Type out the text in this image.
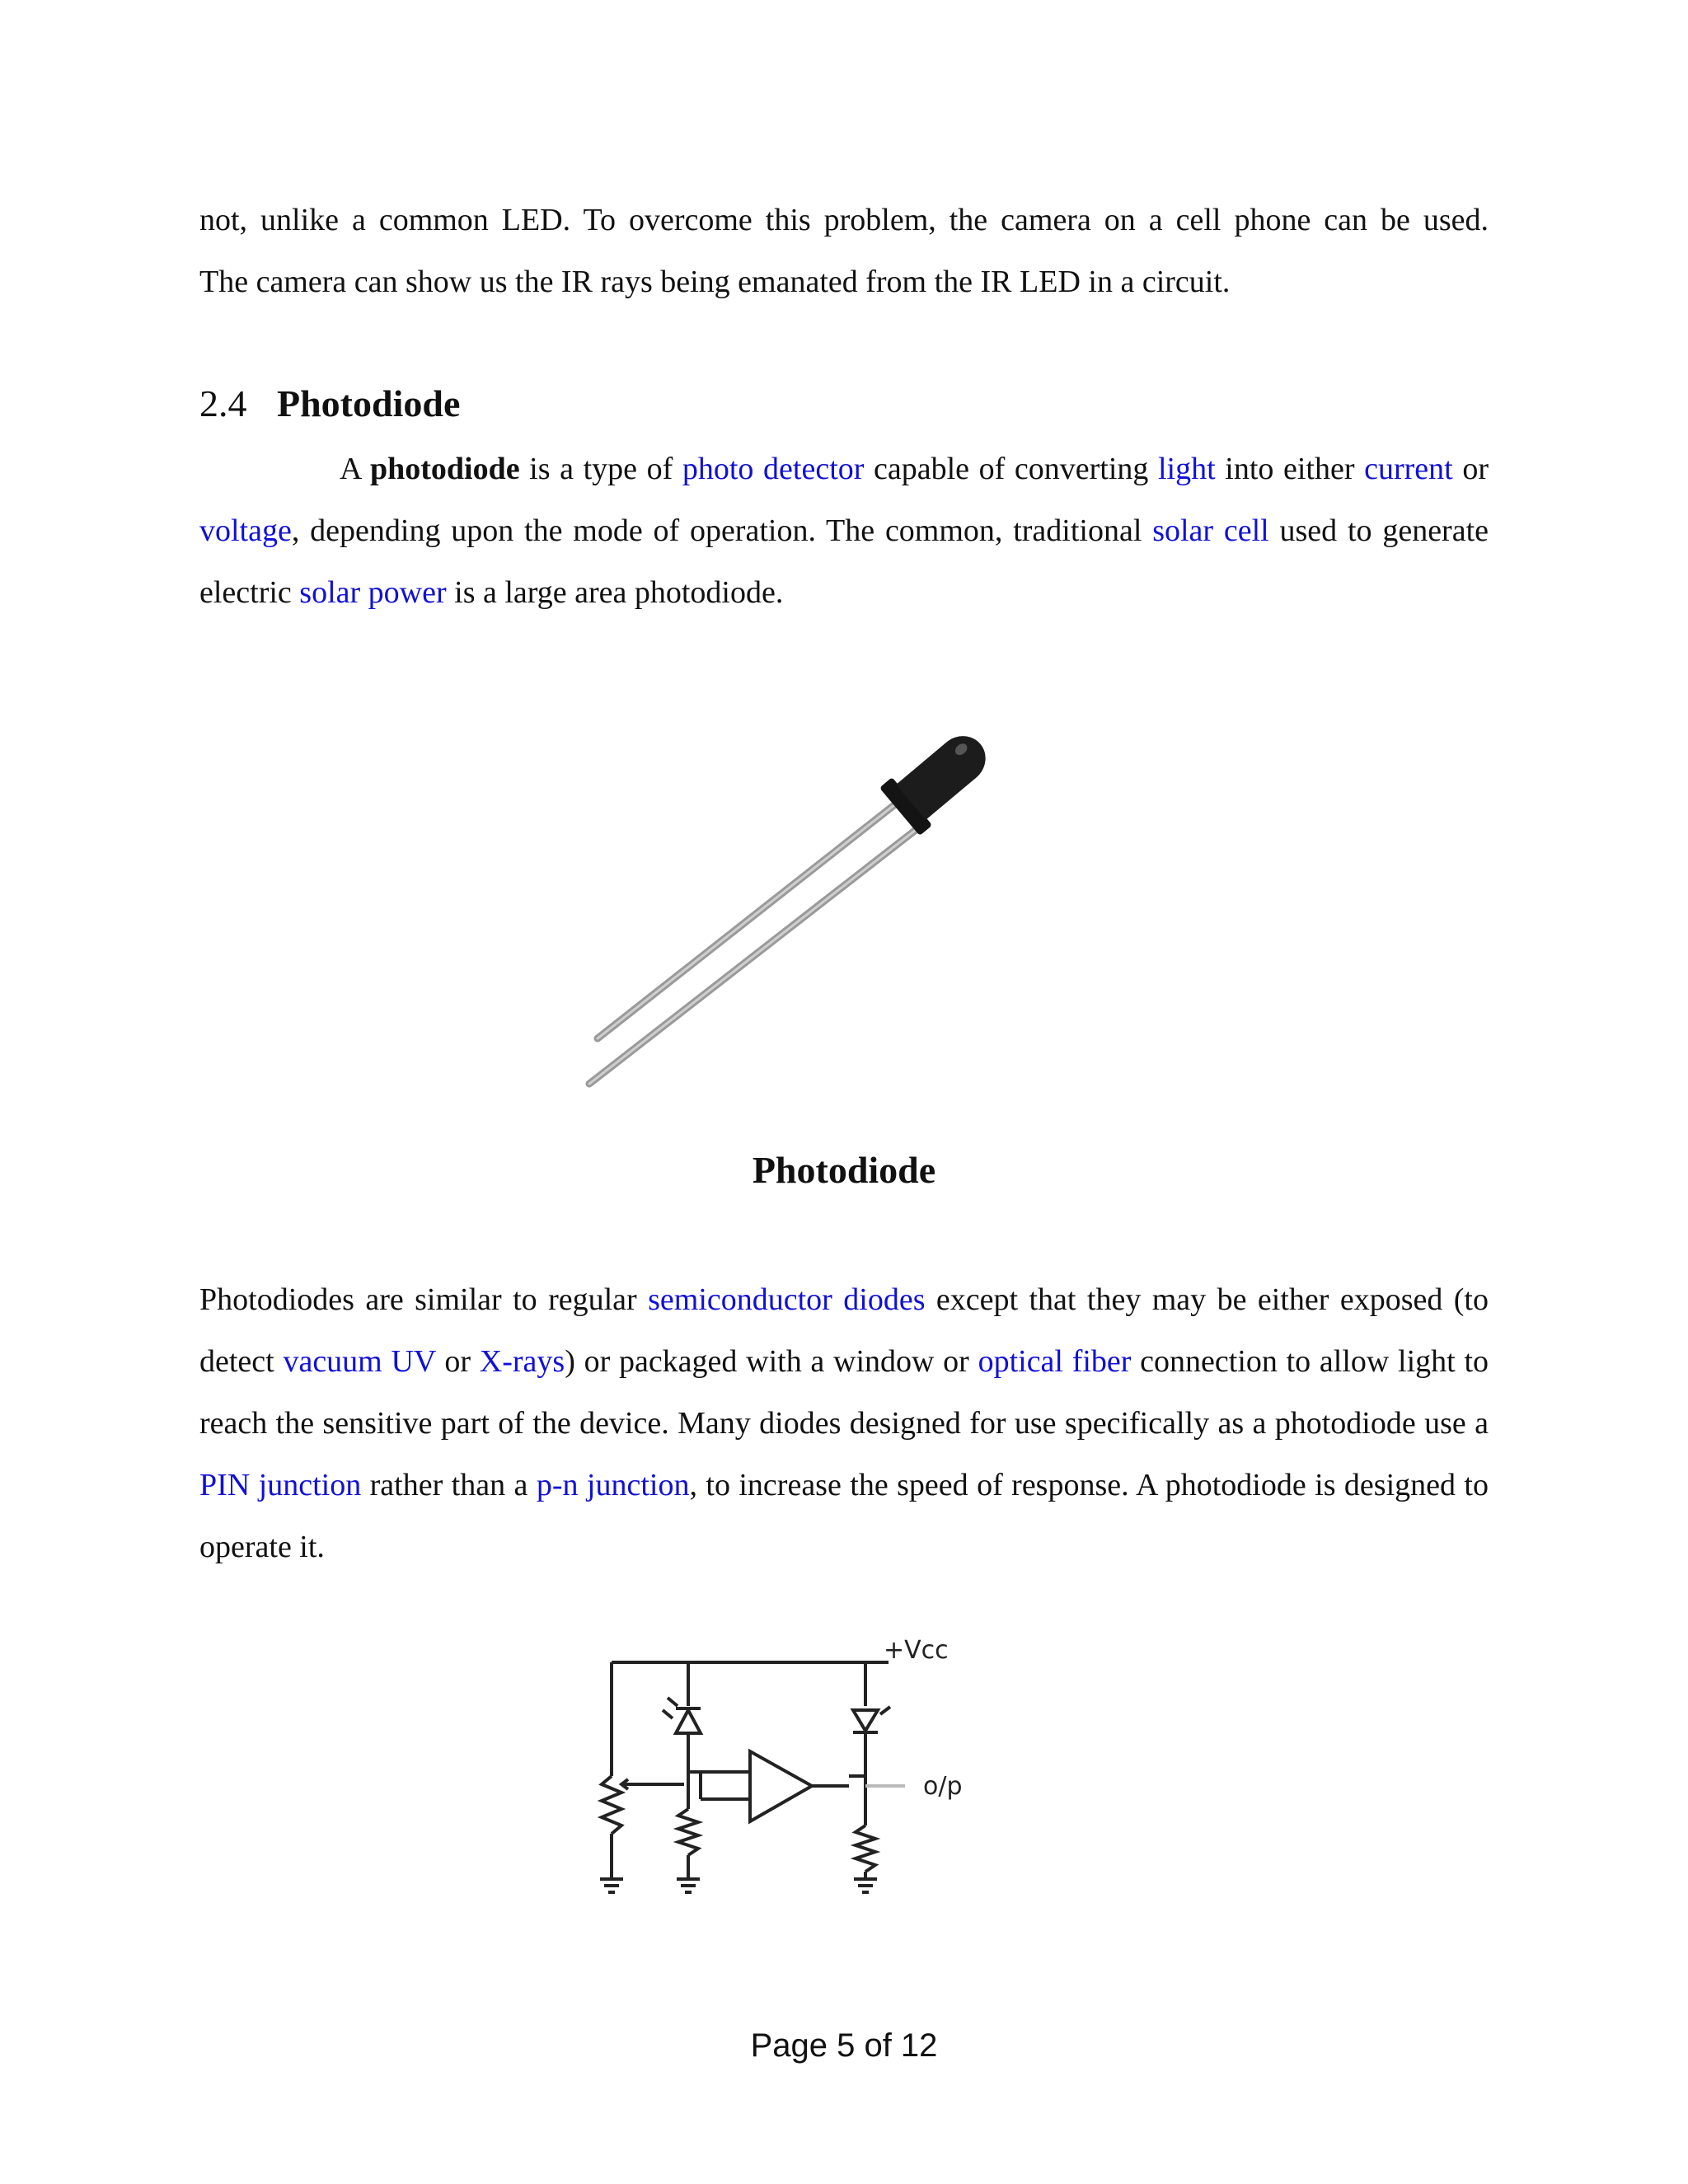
not, unlike a common LED. To overcome this problem, the camera on a cell phone can be used.
The camera can show us the IR rays being emanated from the IR LED in a circuit.
2.4 Photodiode
A photodiode is a type of photo detector capable of converting light into either current or voltage, depending upon the mode of operation. The common, traditional solar cell used to generate electric solar power is a large area photodiode.
Photodiode
Photodiodes are similar to regular semiconductor diodes except that they may be either exposed (to detect vacuum UV or X-rays) or packaged with a window or optical fiber connection to allow light to reach the sensitive part of the device. Many diodes designed for use specifically as a photodiode use a PIN junction rather than a p-n junction, to increase the speed of response. A photodiode is designed to operate it.
+Vcc
o/p
Page 5 of 12
